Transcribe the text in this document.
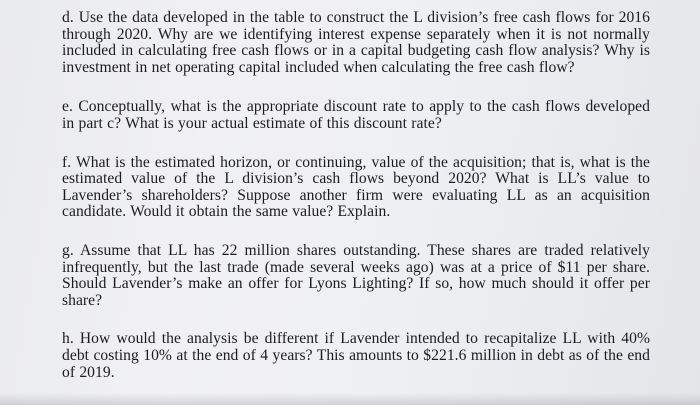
d. Use the data developed in the table to construct the L division’s free cash flows for 2016 through 2020. Why are we identifying interest expense separately when it is not normally included in calculating free cash flows or in a capital budgeting cash flow analysis? Why is investment in net operating capital included when calculating the free cash flow?

e. Conceptually, what is the appropriate discount rate to apply to the cash flows developed in part c? What is your actual estimate of this discount rate?

f. What is the estimated horizon, or continuing, value of the acquisition; that is, what is the estimated value of the L division’s cash flows beyond 2020? What is LL’s value to Lavender’s shareholders? Suppose another firm were evaluating LL as an acquisition candidate. Would it obtain the same value? Explain.

g. Assume that LL has 22 million shares outstanding. These shares are traded relatively infrequently, but the last trade (made several weeks ago) was at a price of $11 per share. Should Lavender’s make an offer for Lyons Lighting? If so, how much should it offer per share?

h. How would the analysis be different if Lavender intended to recapitalize LL with 40% debt costing 10% at the end of 4 years? This amounts to $221.6 million in debt as of the end of 2019.
